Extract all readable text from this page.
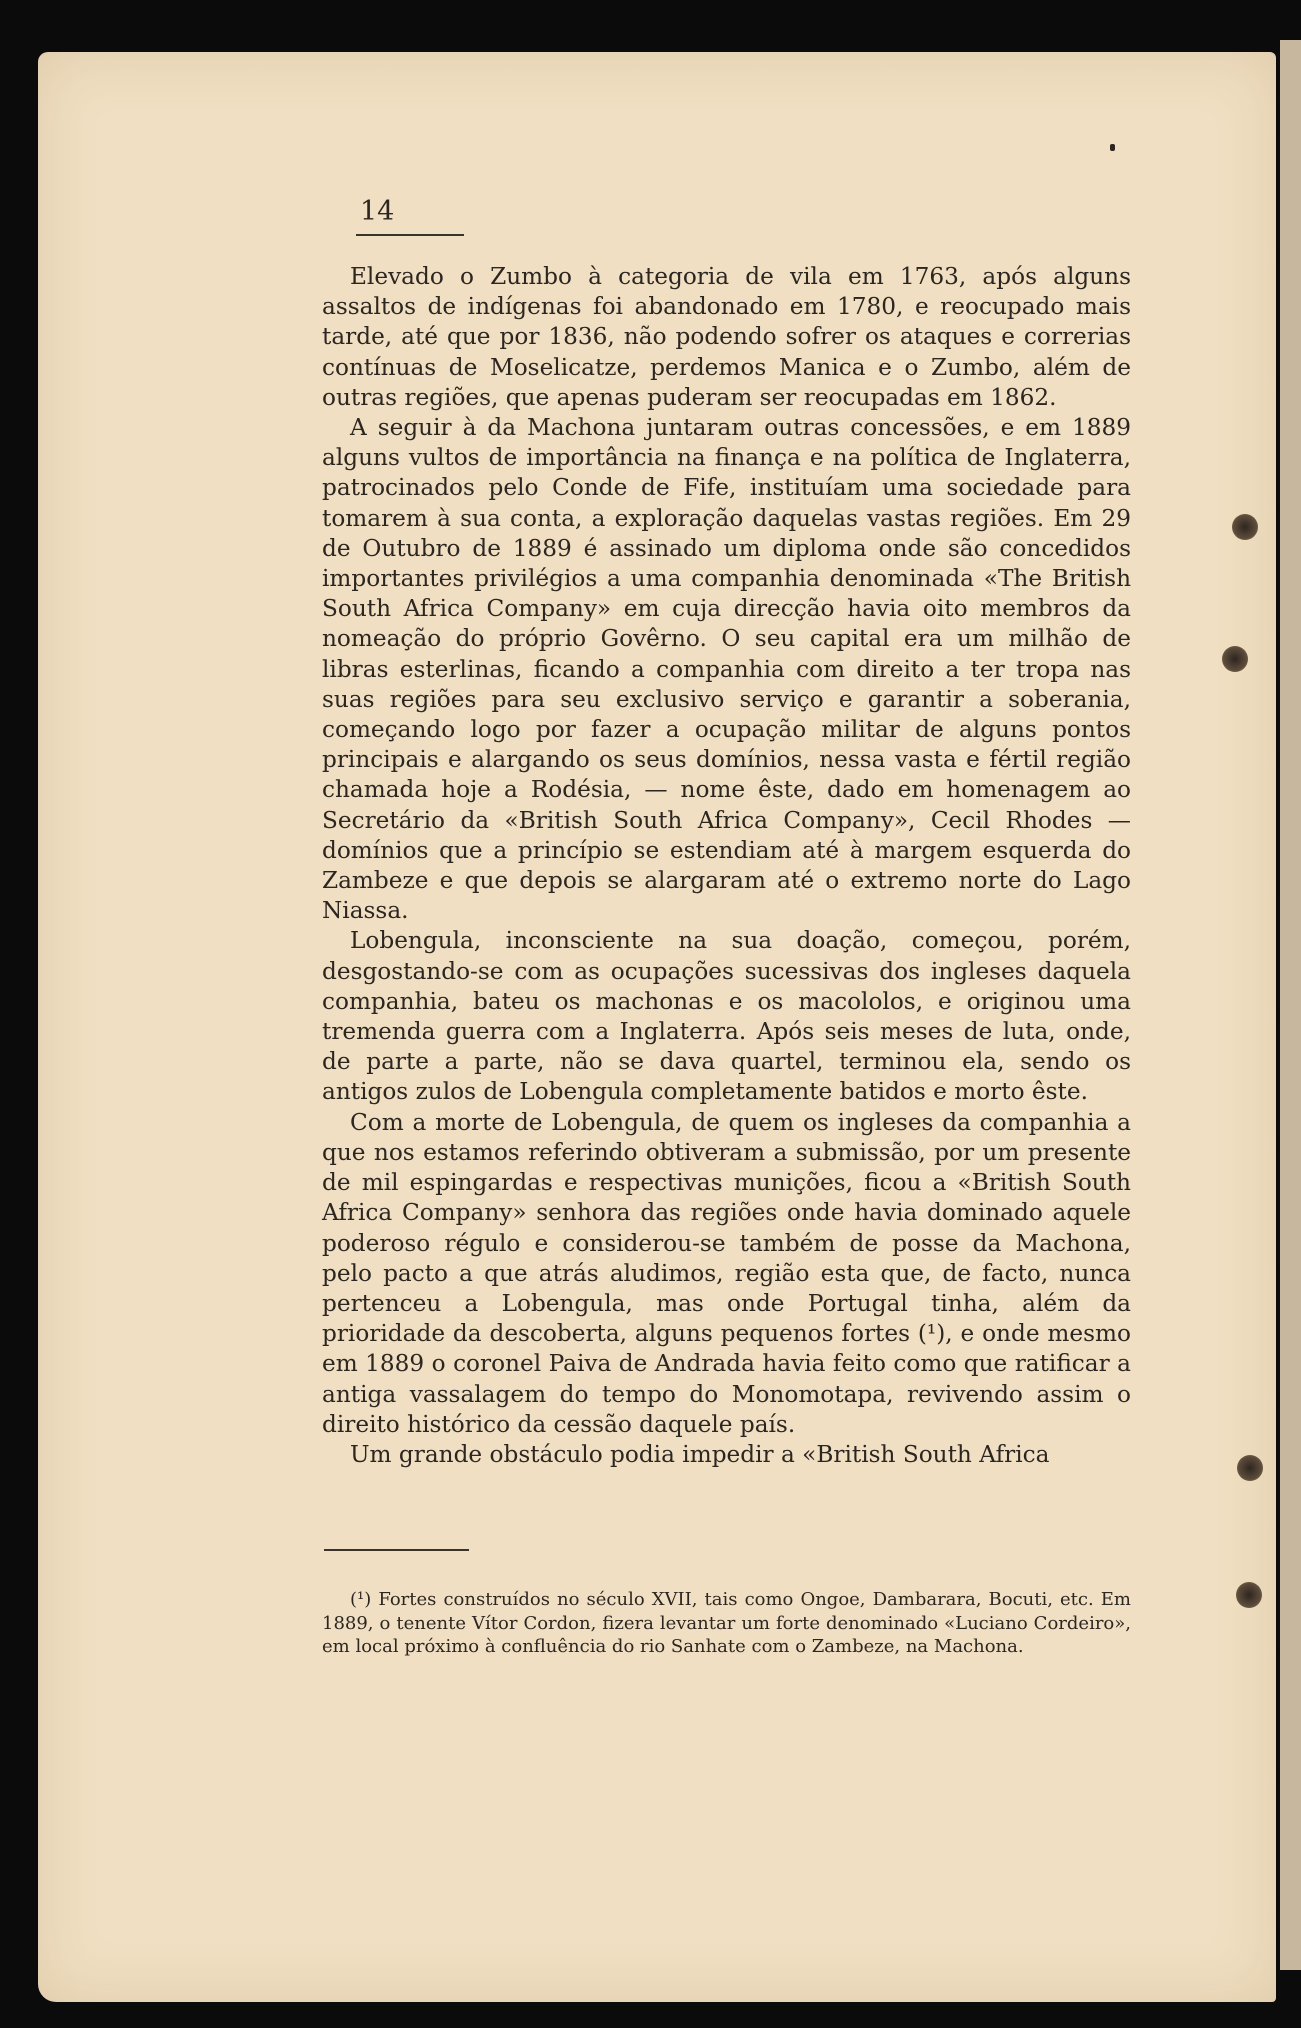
14

Elevado o Zumbo à categoria de vila em 1763, após alguns assaltos de indígenas foi abandonado em 1780, e reocupado mais tarde, até que por 1836, não podendo sofrer os ataques e correrias contínuas de Moselicatze, perdemos Manica e o Zumbo, além de outras regiões, que apenas puderam ser reocupadas em 1862.

A seguir à da Machona juntaram outras concessões, e em 1889 alguns vultos de importância na finança e na política de Inglaterra, patrocinados pelo Conde de Fife, instituíam uma sociedade para tomarem à sua conta, a exploração daquelas vastas regiões. Em 29 de Outubro de 1889 é assinado um diploma onde são concedidos importantes privilégios a uma companhia denominada «The British South Africa Company» em cuja direcção havia oito membros da nomeação do próprio Govêrno. O seu capital era um milhão de libras esterlinas, ficando a companhia com direito a ter tropa nas suas regiões para seu exclusivo serviço e garantir a soberania, começando logo por fazer a ocupação militar de alguns pontos principais e alargando os seus domínios, nessa vasta e fértil região chamada hoje a Rodésia, — nome êste, dado em homenagem ao Secretário da «British South Africa Company», Cecil Rhodes — domínios que a princípio se estendiam até à margem esquerda do Zambeze e que depois se alargaram até o extremo norte do Lago Niassa.

Lobengula, inconsciente na sua doação, começou, porém, desgostando-se com as ocupações sucessivas dos ingleses daquela companhia, bateu os machonas e os macololos, e originou uma tremenda guerra com a Inglaterra. Após seis meses de luta, onde, de parte a parte, não se dava quartel, terminou ela, sendo os antigos zulos de Lobengula completamente batidos e morto êste.

Com a morte de Lobengula, de quem os ingleses da companhia a que nos estamos referindo obtiveram a submissão, por um presente de mil espingardas e respectivas munições, ficou a «British South Africa Company» senhora das regiões onde havia dominado aquele poderoso régulo e considerou-se também de posse da Machona, pelo pacto a que atrás aludimos, região esta que, de facto, nunca pertenceu a Lobengula, mas onde Portugal tinha, além da prioridade da descoberta, alguns pequenos fortes (¹), e onde mesmo em 1889 o coronel Paiva de Andrada havia feito como que ratificar a antiga vassalagem do tempo do Monomotapa, revivendo assim o direito histórico da cessão daquele país.

Um grande obstáculo podia impedir a «British South Africa

(¹) Fortes construídos no século XVII, tais como Ongoe, Dambarara, Bocuti, etc. Em 1889, o tenente Vítor Cordon, fizera levantar um forte denominado «Luciano Cordeiro», em local próximo à confluência do rio Sanhate com o Zambeze, na Machona.
